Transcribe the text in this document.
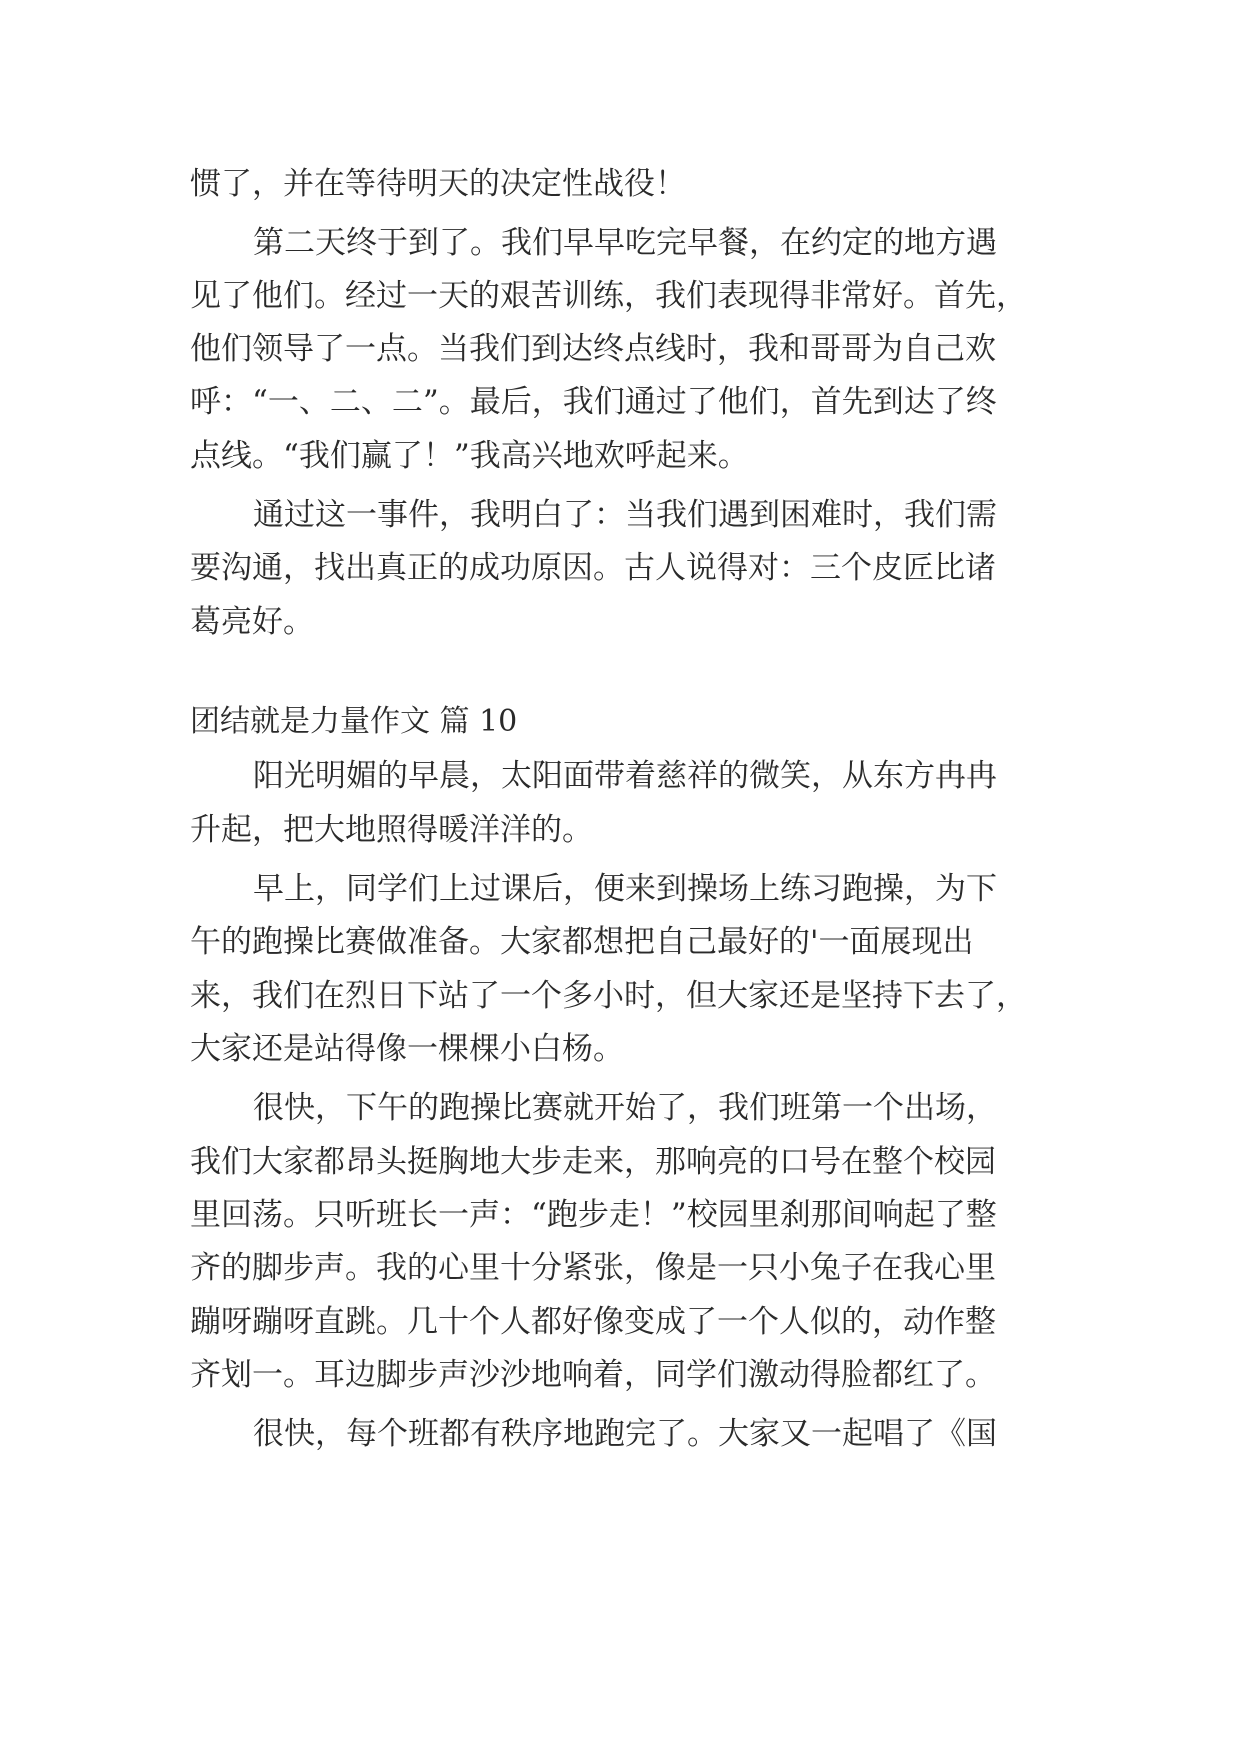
惯了，并在等待明天的决定性战役！
第二天终于到了。我们早早吃完早餐，在约定的地方遇
见了他们。经过一天的艰苦训练，我们表现得非常好。首先，
他们领导了一点。当我们到达终点线时，我和哥哥为自己欢
呼：“一、二、二”。最后，我们通过了他们，首先到达了终
点线。“我们赢了！”我高兴地欢呼起来。
通过这一事件，我明白了：当我们遇到困难时，我们需
要沟通，找出真正的成功原因。古人说得对：三个皮匠比诸
葛亮好。
团结就是力量作文 篇 10
阳光明媚的早晨，太阳面带着慈祥的微笑，从东方冉冉
升起，把大地照得暖洋洋的。
早上，同学们上过课后，便来到操场上练习跑操，为下
午的跑操比赛做准备。大家都想把自己最好的'一面展现出
来，我们在烈日下站了一个多小时，但大家还是坚持下去了，
大家还是站得像一棵棵小白杨。
很快，下午的跑操比赛就开始了，我们班第一个出场，
我们大家都昂头挺胸地大步走来，那响亮的口号在整个校园
里回荡。只听班长一声：“跑步走！”校园里刹那间响起了整
齐的脚步声。我的心里十分紧张，像是一只小兔子在我心里
蹦呀蹦呀直跳。几十个人都好像变成了一个人似的，动作整
齐划一。耳边脚步声沙沙地响着，同学们激动得脸都红了。
很快，每个班都有秩序地跑完了。大家又一起唱了《国
